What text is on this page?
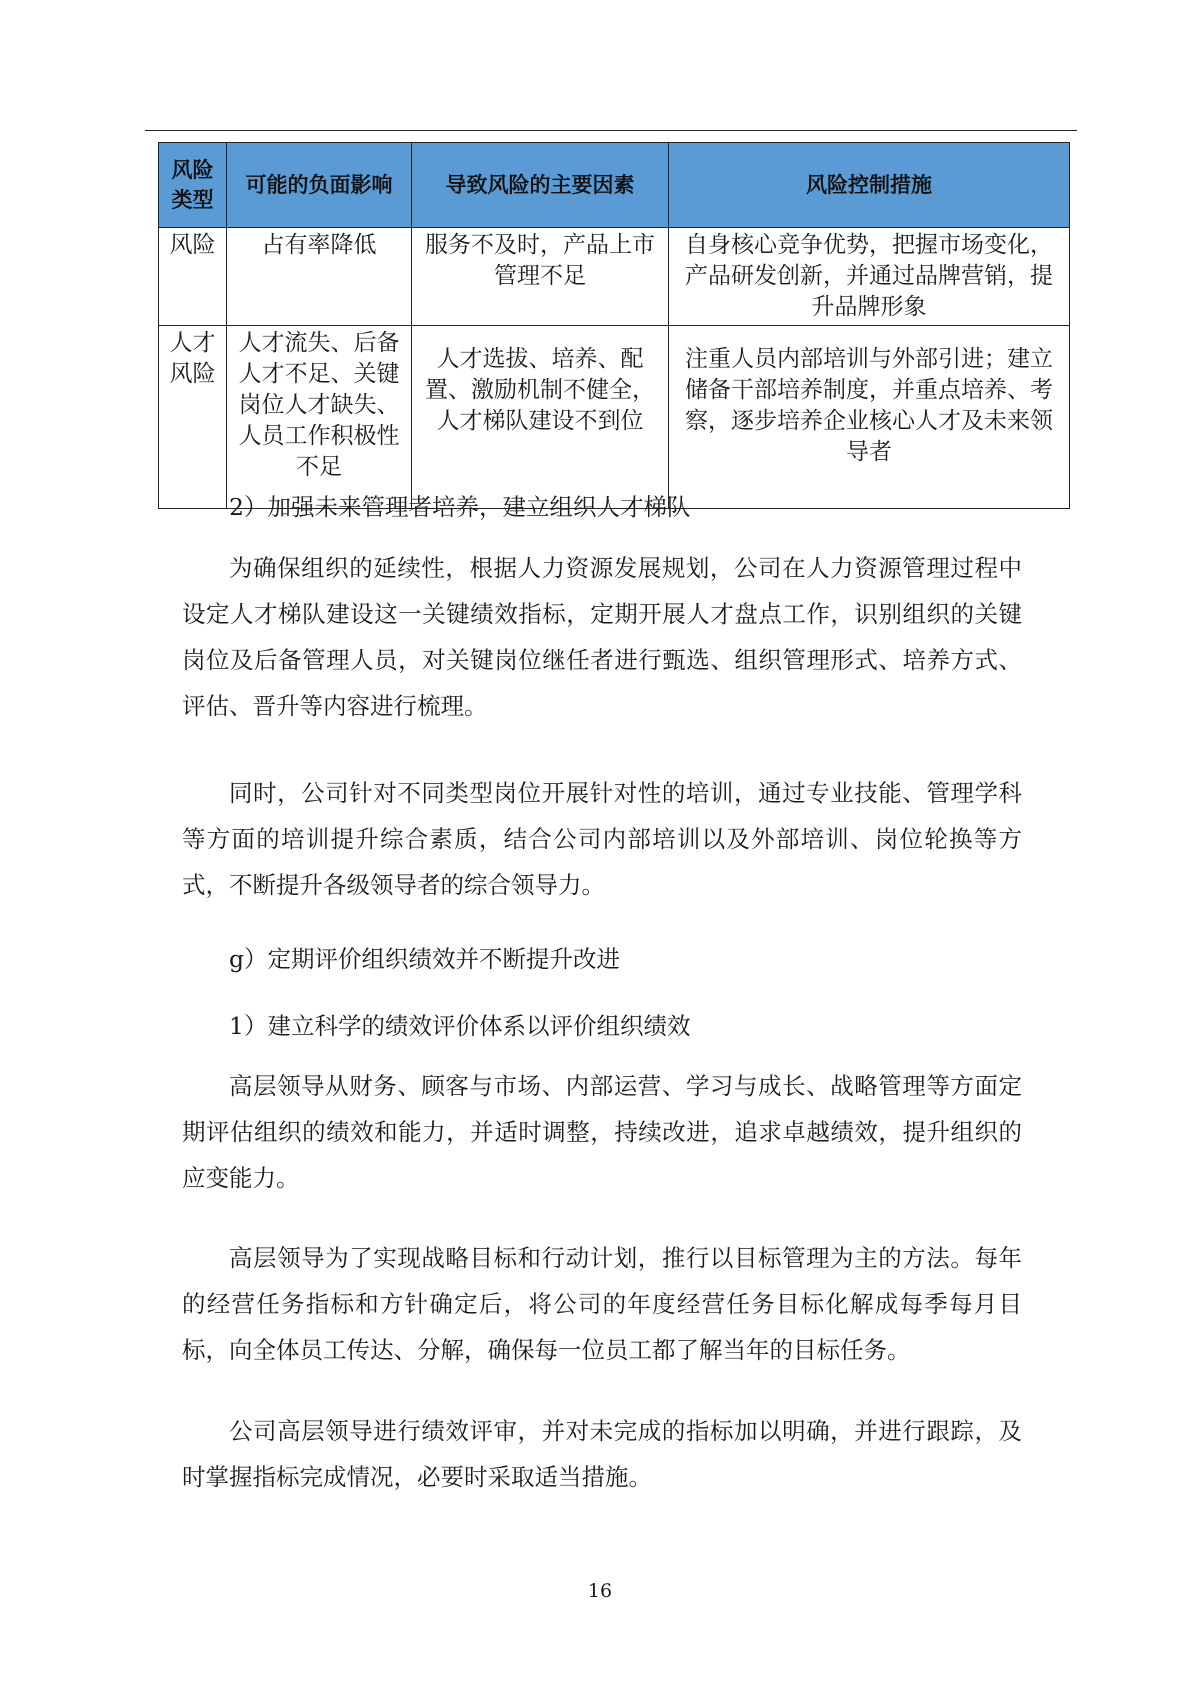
风险类型	可能的负面影响	导致风险的主要因素	风险控制措施
风险	占有率降低	服务不及时，产品上市管理不足	自身核心竞争优势，把握市场变化，产品研发创新，并通过品牌营销，提升品牌形象
人才风险	人才流失、后备人才不足、关键岗位人才缺失、人员工作积极性不足	人才选拔、培养、配置、激励机制不健全，人才梯队建设不到位	注重人员内部培训与外部引进；建立储备干部培养制度，并重点培养、考察，逐步培养企业核心人才及未来领导者

2）加强未来管理者培养，建立组织人才梯队

为确保组织的延续性，根据人力资源发展规划，公司在人力资源管理过程中设定人才梯队建设这一关键绩效指标，定期开展人才盘点工作，识别组织的关键岗位及后备管理人员，对关键岗位继任者进行甄选、组织管理形式、培养方式、评估、晋升等内容进行梳理。

同时，公司针对不同类型岗位开展针对性的培训，通过专业技能、管理学科等方面的培训提升综合素质，结合公司内部培训以及外部培训、岗位轮换等方式，不断提升各级领导者的综合领导力。

g）定期评价组织绩效并不断提升改进

1）建立科学的绩效评价体系以评价组织绩效

高层领导从财务、顾客与市场、内部运营、学习与成长、战略管理等方面定期评估组织的绩效和能力，并适时调整，持续改进，追求卓越绩效，提升组织的应变能力。

高层领导为了实现战略目标和行动计划，推行以目标管理为主的方法。每年的经营任务指标和方针确定后，将公司的年度经营任务目标化解成每季每月目标，向全体员工传达、分解，确保每一位员工都了解当年的目标任务。

公司高层领导进行绩效评审，并对未完成的指标加以明确，并进行跟踪，及时掌握指标完成情况，必要时采取适当措施。

16
